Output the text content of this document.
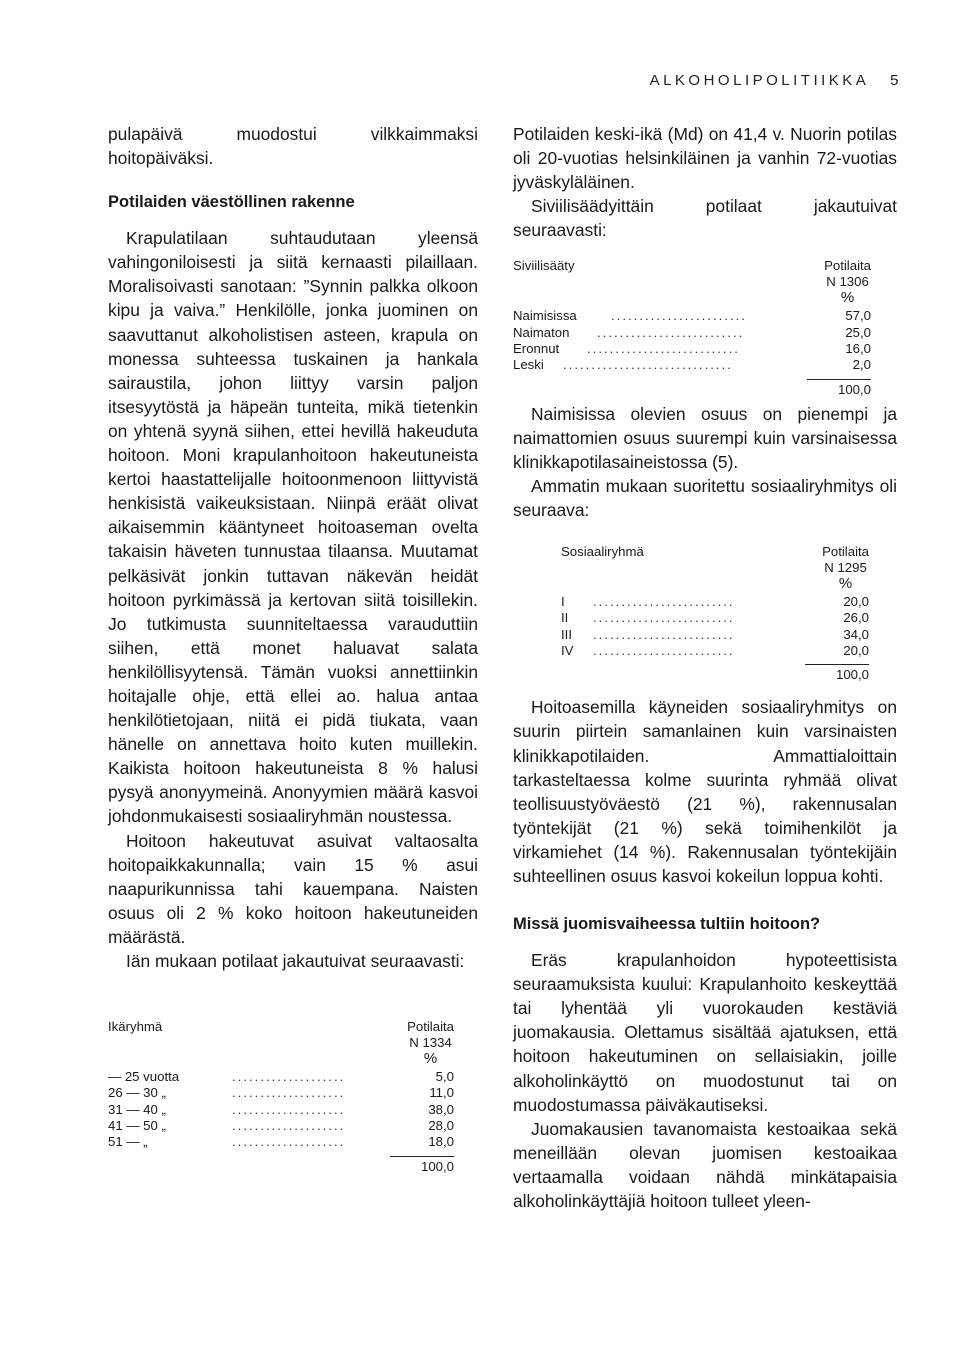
ALKOHOLIPOLITIIKKA 5

pulapäivä muodostui vilkkaimmaksi hoitopäiväksi.

Potilaiden väestöllinen rakenne

Krapulatilaan suhtaudutaan yleensä vahingoniloisesti ja siitä kernaasti pilaillaan. Moralisoivasti sanotaan: ”Synnin palkka olkoon kipu ja vaiva.” Henkilölle, jonka juominen on saavuttanut alkoholistisen asteen, krapula on monessa suhteessa tuskainen ja hankala sairaustila, johon liittyy varsin paljon itsesyytöstä ja häpeän tunteita, mikä tietenkin on yhtenä syynä siihen, ettei hevillä hakeuduta hoitoon. Moni krapulanhoitoon hakeutuneista kertoi haastattelijalle hoitoonmenoon liittyvistä henkisistä vaikeuksistaan. Niinpä eräät olivat aikaisemmin kääntyneet hoitoaseman ovelta takaisin häveten tunnustaa tilaansa. Muutamat pelkäsivät jonkin tuttavan näkevän heidät hoitoon pyrkimässä ja kertovan siitä toisillekin. Jo tutkimusta suunniteltaessa varauduttiin siihen, että monet haluavat salata henkilöllisyytensä. Tämän vuoksi annettiinkin hoitajalle ohje, että ellei ao. halua antaa henkilötietojaan, niitä ei pidä tiukata, vaan hänelle on annettava hoito kuten muillekin. Kaikista hoitoon hakeutuneista 8 % halusi pysyä anonyymeinä. Anonyymien määrä kasvoi johdonmukaisesti sosiaaliryhmän noustessa.

Hoitoon hakeutuvat asuivat valtaosalta hoitopaikkakunnalla; vain 15 % asui naapurikunnissa tahi kauempana. Naisten osuus oli 2 % koko hoitoon hakeutuneiden määrästä.

Iän mukaan potilaat jakautuivat seuraavasti:

Ikäryhmä	Potilaita
N 1334
%
— 25 vuotta	....................	5,0
26 — 30 „	....................	11,0
31 — 40 „	....................	38,0
41 — 50 „	....................	28,0
51 — „	....................	18,0
100,0

Potilaiden keski-ikä (Md) on 41,4 v. Nuorin potilas oli 20-vuotias helsinkiläinen ja vanhin 72-vuotias jyväskyläläinen.

Siviilisäädyittäin potilaat jakautuivat seuraavasti:

Siviilisääty	Potilaita
N 1306
%
Naimisissa	........................	57,0
Naimaton	..........................	25,0
Eronnut	...........................	16,0
Leski	..............................	2,0
100,0

Naimisissa olevien osuus on pienempi ja naimattomien osuus suurempi kuin varsinaisessa klinikkapotilasaineistossa (5).

Ammatin mukaan suoritettu sosiaaliryhmitys oli seuraava:

Sosiaaliryhmä	Potilaita
N 1295
%
I	.........................	20,0
II	.........................	26,0
III	.........................	34,0
IV	.........................	20,0
100,0

Hoitoasemilla käyneiden sosiaaliryhmitys on suurin piirtein samanlainen kuin varsinaisten klinikkapotilaiden. Ammattialoittain tarkasteltaessa kolme suurinta ryhmää olivat teollisuustyöväestö (21 %), rakennusalan työntekijät (21 %) sekä toimihenkilöt ja virkamiehet (14 %). Rakennusalan työntekijäin suhteellinen osuus kasvoi kokeilun loppua kohti.

Missä juomisvaiheessa tultiin hoitoon?

Eräs krapulanhoidon hypoteettisista seuraamuksista kuului: Krapulanhoito keskeyttää tai lyhentää yli vuorokauden kestäviä juomakausia. Olettamus sisältää ajatuksen, että hoitoon hakeutuminen on sellaisiakin, joille alkoholinkäyttö on muodostunut tai on muodostumassa päiväkautiseksi.

Juomakausien tavanomaista kestoaikaa sekä meneillään olevan juomisen kestoaikaa vertaamalla voidaan nähdä minkätapaisia alkoholinkäyttäjiä hoitoon tulleet yleen-
